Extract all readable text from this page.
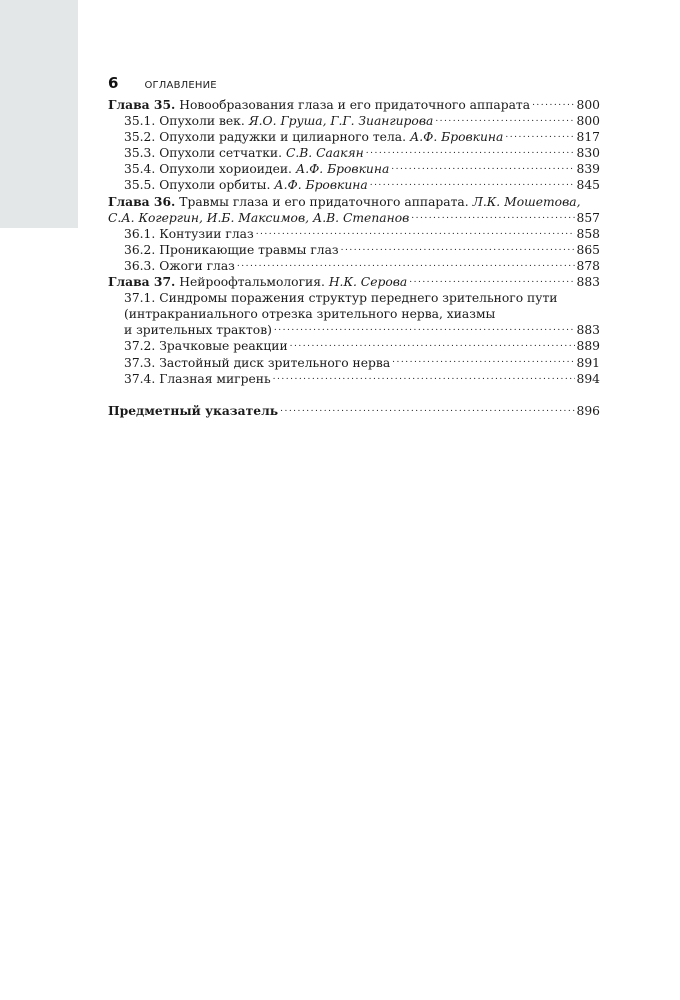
6	ОГЛАВЛЕНИЕ
Глава 35. Новообразования глаза и его придаточного аппарата .....	800
35.1. Опухоли век. Я.О. Груша, Г.Г. Зиангирова .....	800
35.2. Опухоли радужки и цилиарного тела. А.Ф. Бровкина .....	817
35.3. Опухоли сетчатки. С.В. Саакян .....	830
35.4. Опухоли хориоидеи. А.Ф. Бровкина .....	839
35.5. Опухоли орбиты. А.Ф. Бровкина .....	845
Глава 36. Травмы глаза и его придаточного аппарата. Л.К. Мошетова,
С.А. Когергин, И.Б. Максимов, А.В. Степанов .....	857
36.1. Контузии глаз .....	858
36.2. Проникающие травмы глаз .....	865
36.3. Ожоги глаз .....	878
Глава 37. Нейроофтальмология. Н.К. Серова .....	883
37.1. Синдромы поражения структур переднего зрительного пути
(интракраниального отрезка зрительного нерва, хиазмы
и зрительных трактов) .....	883
37.2. Зрачковые реакции .....	889
37.3. Застойный диск зрительного нерва .....	891
37.4. Глазная мигрень .....	894
Предметный указатель .....	896
